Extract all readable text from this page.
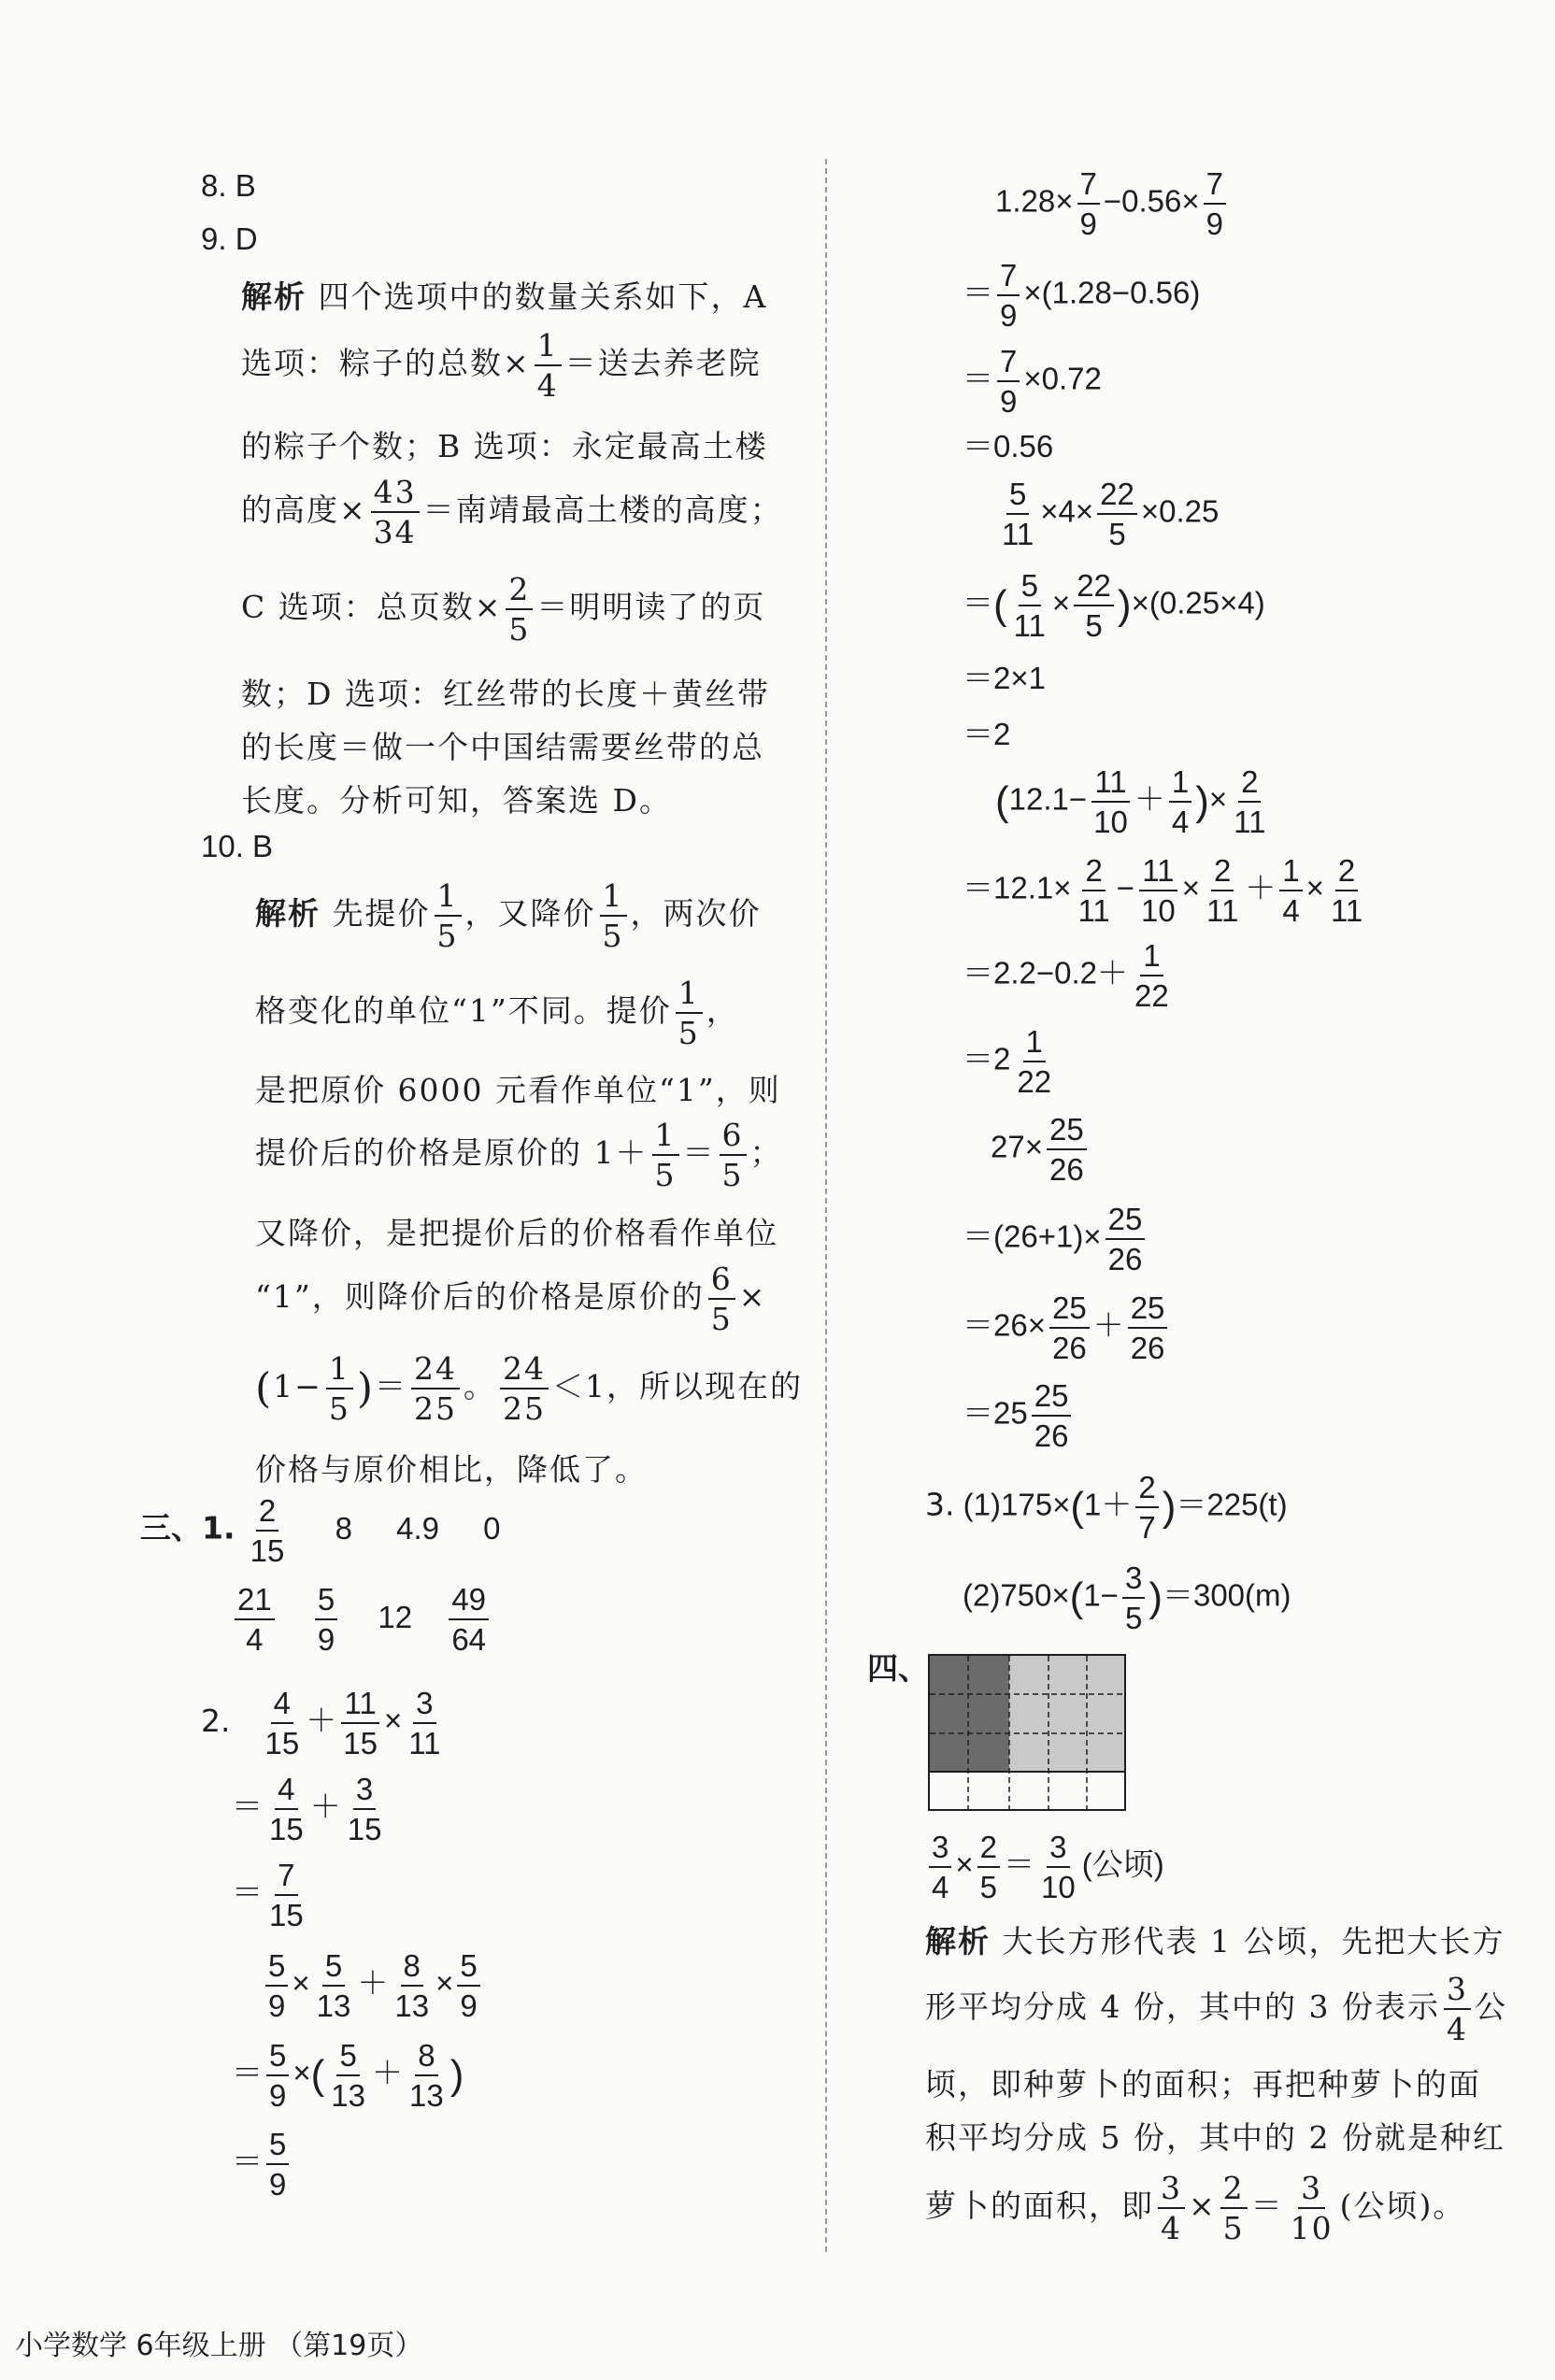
8. B
9. D
解析 四个选项中的数量关系如下，A
选项：粽子的总数× $\frac{1}{4}$ ＝送去养老院
的粽子个数；B 选项：永定最高土楼
的高度× $\frac{43}{34}$ ＝南靖最高土楼的高度；
C 选项：总页数× $\frac{2}{5}$ ＝明明读了的页
数；D 选项：红丝带的长度＋黄丝带
的长度＝做一个中国结需要丝带的总
长度。分析可知，答案选 D。
10. B
解析 先提价 $\frac{1}{5}$ ，又降价 $\frac{1}{5}$ ，两次价
格变化的单位“1”不同。提价 $\frac{1}{5}$ ，
是把原价 6000 元看作单位“1”，则
提价后的价格是原价的 $1+ \frac{1}{5} = \frac{6}{5}$ ；
又降价，是把提价后的价格看作单位
“1”，则降价后的价格是原价的 $\frac{6}{5}$ ×
($1- \frac{1}{5}$ )＝ $\frac{24}{25}$ 。 $\frac{24}{25} <1$，所以现在的
价格与原价相比，降低了。
三、1. $\frac{2}{15} 8$ 4.9 0
$\frac{21}{4}$
$\frac{5}{9} 12 \frac{49}{64}$
2. $\frac{4}{15} + \frac{11}{15} \times \frac{3}{11}$
＝ $\frac{4}{15} + \frac{3}{15}$
＝ $\frac{7}{15}$
$\frac{5}{9} \times \frac{5}{13} + \frac{8}{13} \times \frac{5}{9}$
＝ $\frac{5}{9}$ ×( $\frac{5}{13} + \frac{8}{13}$ )
＝ $\frac{5}{9}$
$1.28\times \frac{7}{9} -0.56\times \frac{7}{9}$
＝ $\frac{7}{9} \times(1.28-0.56)$
＝ $\frac{7}{9} \times 0.72$
＝0.56
$\frac{5}{11} \times 4\times \frac{22}{5} \times 0.25$
＝( $\frac{5}{11} \times \frac{22}{5} )\times(0.25\times 4)$
＝2×1
＝2
($12.1- \frac{11}{10} + \frac{1}{4}$ )× $\frac{2}{11}$
$=12.1\times \frac{2}{11} - \frac{11}{10} \times \frac{2}{11} + \frac{1}{4} \times \frac{2}{11}$
$=2.2-0.2+ \frac{1}{22}$
$=2 \frac{1}{22}$
$27\times \frac{25}{26}$
$=(26+1)\times \frac{25}{26}$
$=26\times \frac{25}{26} + \frac{25}{26}$
$=25 \frac{25}{26}$
3. $(1)175\times(1+ \frac{2}{7} )=225(t)$
$(2)750\times(1- \frac{3}{5} )=300(m)$
四、
$\frac{3}{4} \times \frac{2}{5} = \frac{3}{10}$ (公顷)
解析 大长方形代表 1 公顷，先把大长方
形平均分成 4 份，其中的 3 份表示 $\frac{3}{4}$ 公
顷，即种萝卜的面积；再把种萝卜的面
积平均分成 5 份，其中的 2 份就是种红
萝卜的面积，即 $\frac{3}{4} \times \frac{2}{5} = \frac{3}{10}$ (公顷)。
小学数学 6年级上册 （第19页）
